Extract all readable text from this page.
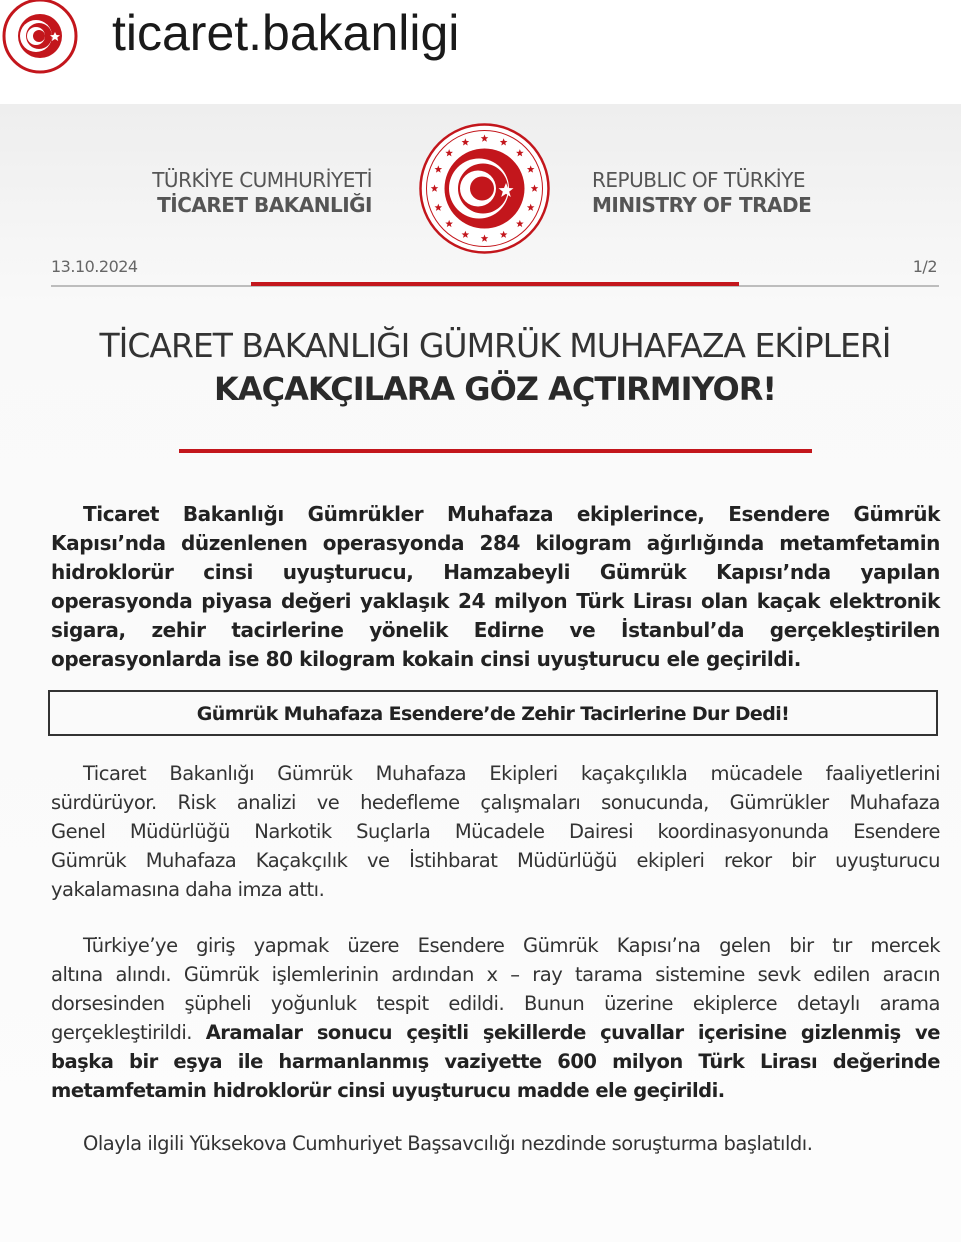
ticaret.bakanligi
TÜRKİYE CUMHURİYETİ
TİCARET BAKANLIĞI
REPUBLIC OF TÜRKİYE
MINISTRY OF TRADE
13.10.2024	1/2
TİCARET BAKANLIĞI GÜMRÜK MUHAFAZA EKİPLERİ
KAÇAKÇILARA GÖZ AÇTIRMIYOR!
Ticaret Bakanlığı Gümrükler Muhafaza ekiplerince, Esendere Gümrük
Kapısı’nda düzenlenen operasyonda 284 kilogram ağırlığında metamfetamin
hidroklorür cinsi uyuşturucu, Hamzabeyli Gümrük Kapısı’nda yapılan
operasyonda piyasa değeri yaklaşık 24 milyon Türk Lirası olan kaçak elektronik
sigara, zehir tacirlerine yönelik Edirne ve İstanbul’da gerçekleştirilen
operasyonlarda ise 80 kilogram kokain cinsi uyuşturucu ele geçirildi.
Gümrük Muhafaza Esendere’de Zehir Tacirlerine Dur Dedi!
Ticaret Bakanlığı Gümrük Muhafaza Ekipleri kaçakçılıkla mücadele faaliyetlerini
sürdürüyor. Risk analizi ve hedefleme çalışmaları sonucunda, Gümrükler Muhafaza
Genel Müdürlüğü Narkotik Suçlarla Mücadele Dairesi koordinasyonunda Esendere
Gümrük Muhafaza Kaçakçılık ve İstihbarat Müdürlüğü ekipleri rekor bir uyuşturucu
yakalamasına daha imza attı.
Türkiye’ye giriş yapmak üzere Esendere Gümrük Kapısı’na gelen bir tır mercek
altına alındı. Gümrük işlemlerinin ardından x – ray tarama sistemine sevk edilen aracın
dorsesinden şüpheli yoğunluk tespit edildi. Bunun üzerine ekiplerce detaylı arama
gerçekleştirildi. Aramalar sonucu çeşitli şekillerde çuvallar içerisine gizlenmiş ve
başka bir eşya ile harmanlanmış vaziyette 600 milyon Türk Lirası değerinde
metamfetamin hidroklorür cinsi uyuşturucu madde ele geçirildi.
Olayla ilgili Yüksekova Cumhuriyet Başsavcılığı nezdinde soruşturma başlatıldı.
